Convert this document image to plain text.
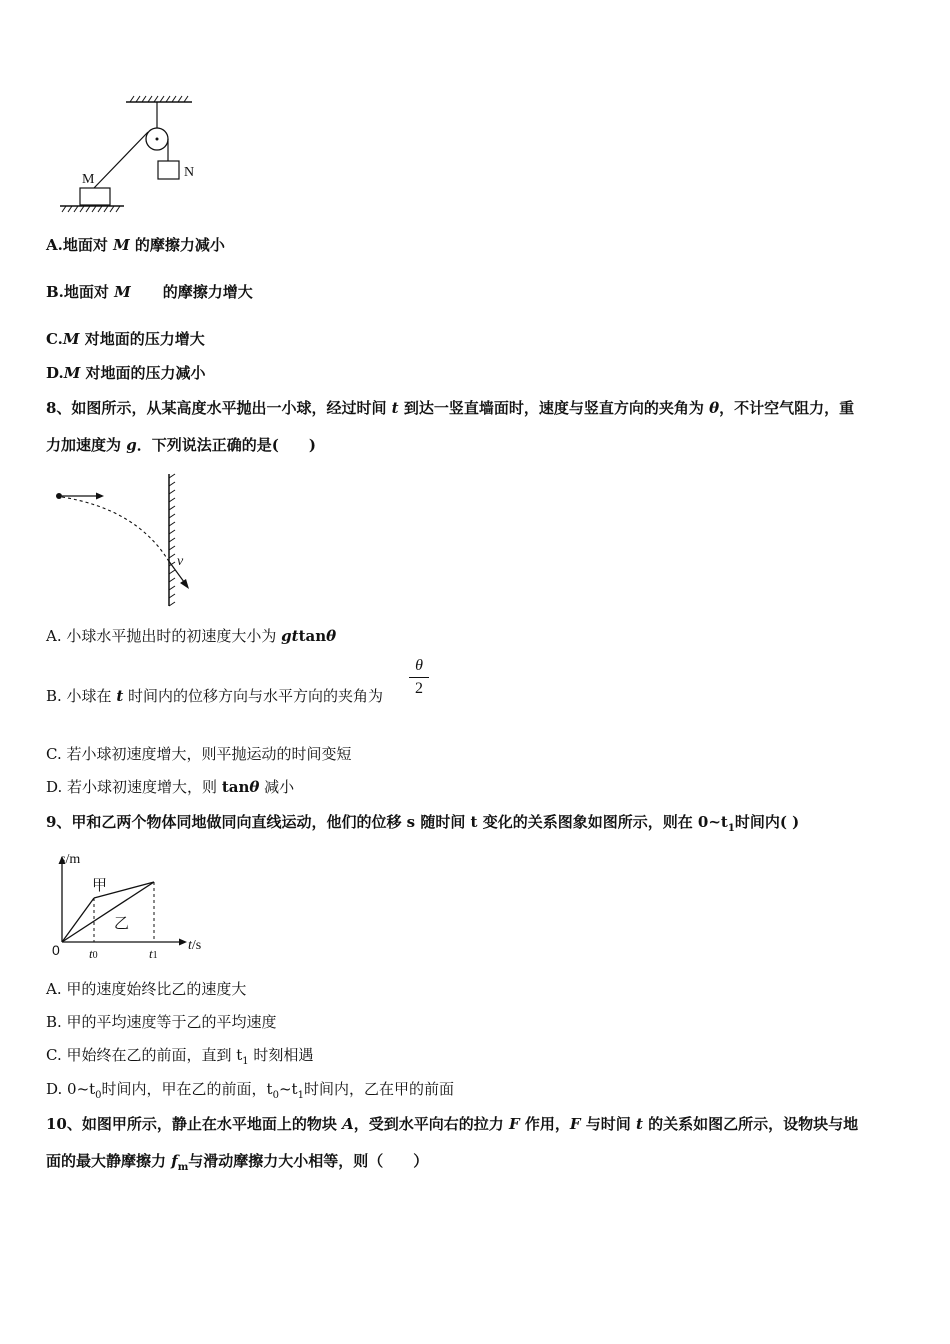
N
M
A.地面对 M 的摩擦力减小
B.地面对 M 的摩擦力增大
C.M 对地面的压力增大
D.M 对地面的压力减小
8、如图所示，从某高度水平抛出一小球，经过时间 t 到达一竖直墙面时，速度与竖直方向的夹角为 θ，不计空气阻力，重
力加速度为 g．下列说法正确的是(　　)
v
A. 小球水平抛出时的初速度大小为 gttanθ
B. 小球在 t 时间内的位移方向与水平方向的夹角为
θ
2
C. 若小球初速度增大，则平抛运动的时间变短
D. 若小球初速度增大，则 tanθ 减小
9、甲和乙两个物体同地做同向直线运动，他们的位移 s 随时间 t 变化的关系图象如图所示，则在 $0\sim t_1$时间内( )
s/m
t/s
0
甲
乙
t0	t1
A. 甲的速度始终比乙的速度大
B. 甲的平均速度等于乙的平均速度
C. 甲始终在乙的前面，直到 $t_1$ 时刻相遇
D. $0\sim t_0$时间内，甲在乙的前面，$t_0\sim t_1$时间内，乙在甲的前面
10、如图甲所示，静止在水平地面上的物块 A，受到水平向右的拉力 F 作用，F 与时间 t 的关系如图乙所示，设物块与地
面的最大静摩擦力 $f_m$与滑动摩擦力大小相等，则（　　）
